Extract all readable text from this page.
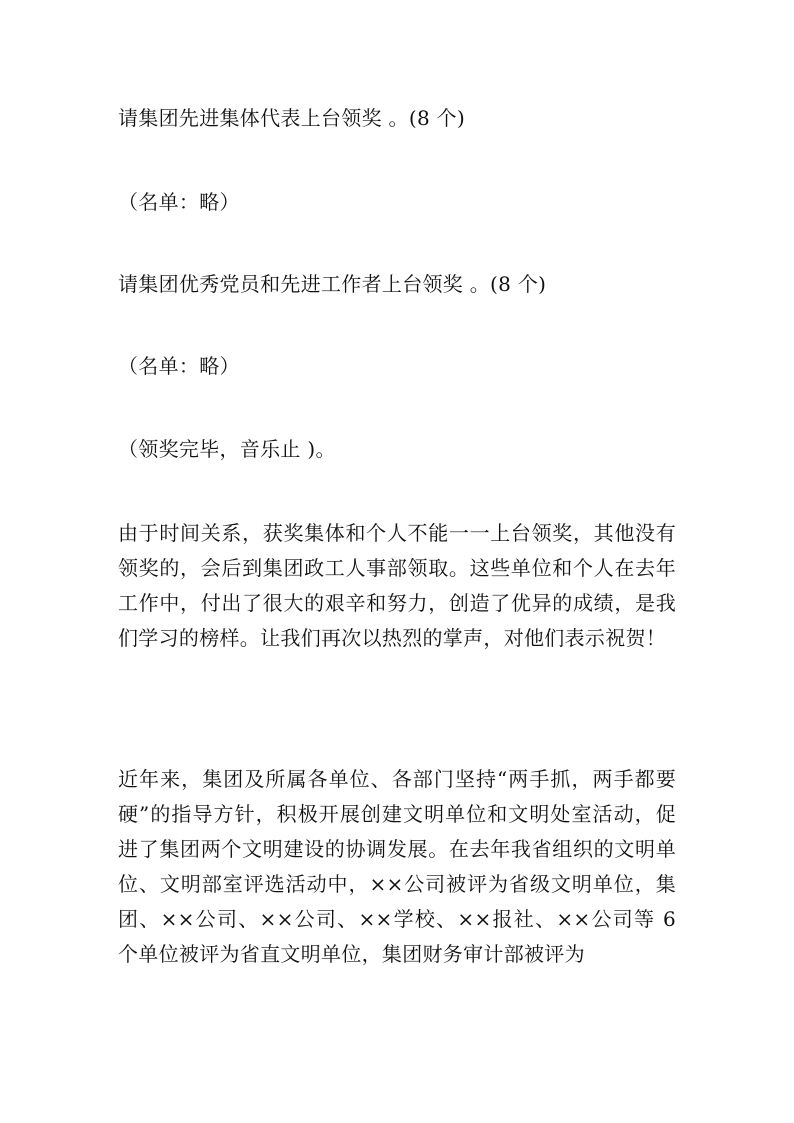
请集团先进集体代表上台领奖 。(8 个)
（名单：略）
请集团优秀党员和先进工作者上台领奖 。(8 个)
（名单：略）
（领奖完毕，音乐止 )。
由于时间关系，获奖集体和个人不能一一上台领奖，其他没有领奖的，会后到集团政工人事部领取。这些单位和个人在去年工作中，付出了很大的艰辛和努力，创造了优异的成绩，是我们学习的榜样。让我们再次以热烈的掌声，对他们表示祝贺！
近年来，集团及所属各单位、各部门坚持“两手抓，两手都要硬”的指导方针，积极开展创建文明单位和文明处室活动，促进了集团两个文明建设的协调发展。在去年我省组织的文明单位、文明部室评选活动中，××公司被评为省级文明单位，集团、××公司、××公司、××学校、××报社、××公司等 6 个单位被评为省直文明单位，集团财务审计部被评为
